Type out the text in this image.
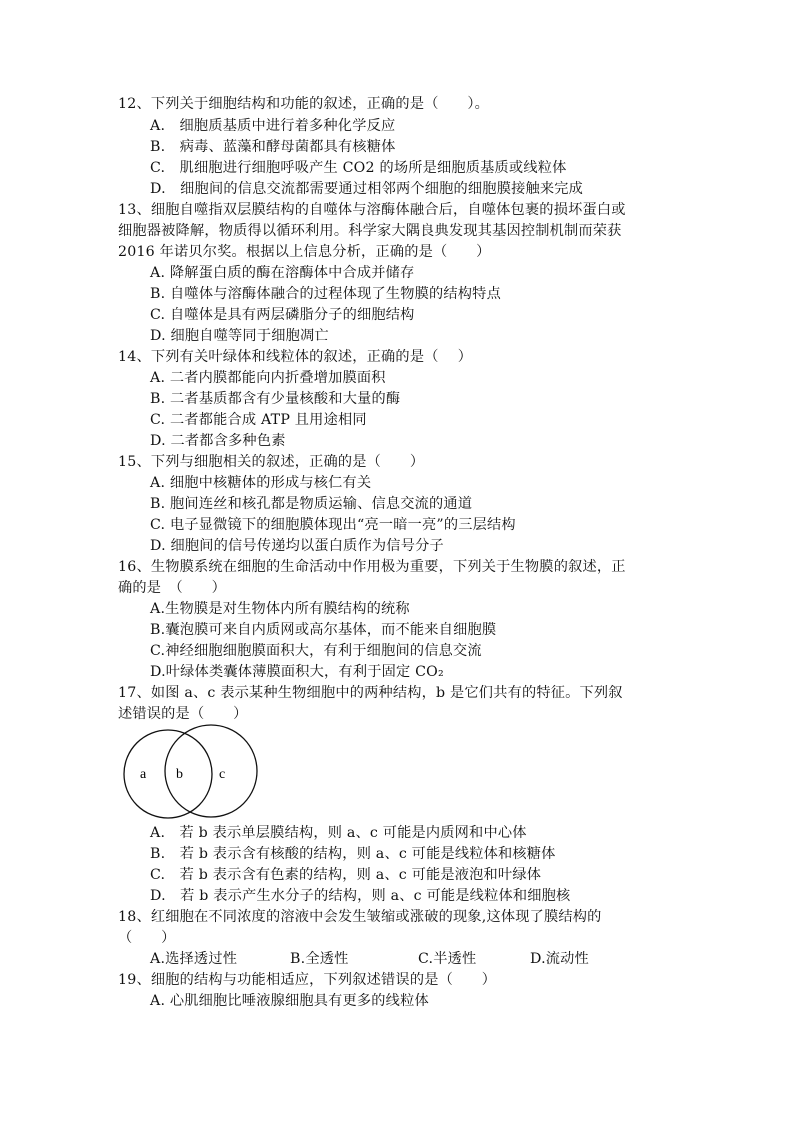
12、下列关于细胞结构和功能的叙述，正确的是（　　）。
A.　细胞质基质中进行着多种化学反应
B.　病毒、蓝藻和酵母菌都具有核糖体
C.　肌细胞进行细胞呼吸产生 CO2 的场所是细胞质基质或线粒体
D.　细胞间的信息交流都需要通过相邻两个细胞的细胞膜接触来完成
13、细胞自噬指双层膜结构的自噬体与溶酶体融合后，自噬体包裹的损坏蛋白或
细胞器被降解，物质得以循环利用。科学家大隅良典发现其基因控制机制而荣获
2016 年诺贝尔奖。根据以上信息分析，正确的是（　　）
A. 降解蛋白质的酶在溶酶体中合成并储存
B. 自噬体与溶酶体融合的过程体现了生物膜的结构特点
C. 自噬体是具有两层磷脂分子的细胞结构
D. 细胞自噬等同于细胞凋亡
14、下列有关叶绿体和线粒体的叙述，正确的是（　 ）
A. 二者内膜都能向内折叠增加膜面积
B. 二者基质都含有少量核酸和大量的酶
C. 二者都能合成 ATP 且用途相同
D. 二者都含多种色素
15、下列与细胞相关的叙述，正确的是（　　）
A. 细胞中核糖体的形成与核仁有关
B. 胞间连丝和核孔都是物质运输、信息交流的通道
C. 电子显微镜下的细胞膜体现出“亮一暗一亮”的三层结构
D. 细胞间的信号传递均以蛋白质作为信号分子
16、生物膜系统在细胞的生命活动中作用极为重要，下列关于生物膜的叙述，正
确的是　（　　）
A.生物膜是对生物体内所有膜结构的统称
B.囊泡膜可来自内质网或高尔基体，而不能来自细胞膜
C.神经细胞细胞膜面积大，有利于细胞间的信息交流
D.叶绿体类囊体薄膜面积大，有利于固定 CO₂
17、如图 a、c 表示某种生物细胞中的两种结构，b 是它们共有的特征。下列叙
述错误的是（　　）
a b	c
A.　若 b 表示单层膜结构，则 a、c 可能是内质网和中心体
B.　若 b 表示含有核酸的结构，则 a、c 可能是线粒体和核糖体
C.　若 b 表示含有色素的结构，则 a、c 可能是液泡和叶绿体
D.　若 b 表示产生水分子的结构，则 a、c 可能是线粒体和细胞核
18、红细胞在不同浓度的溶液中会发生皱缩或涨破的现象,这体现了膜结构的
（　　）
A.选择透过性	B.全透性	C.半透性	D.流动性
19、细胞的结构与功能相适应，下列叙述错误的是（　　）
A. 心肌细胞比唾液腺细胞具有更多的线粒体
